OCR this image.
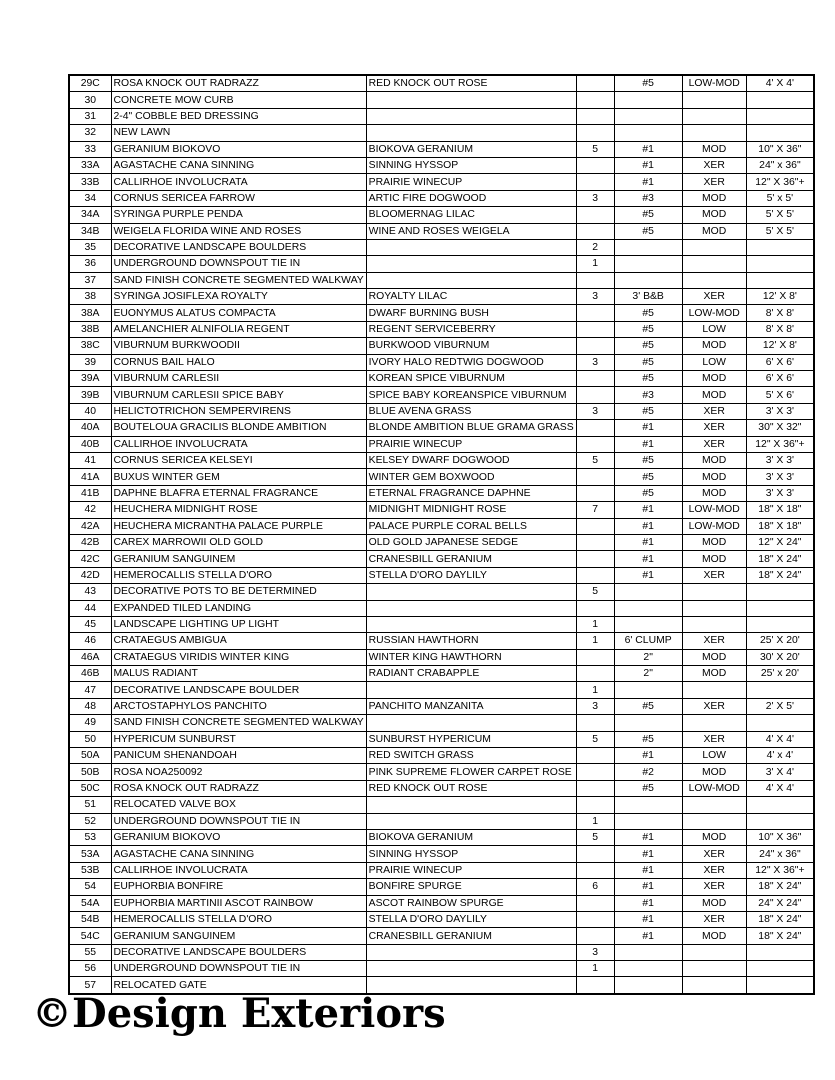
29C	ROSA KNOCK OUT RADRAZZ	RED KNOCK OUT ROSE		#5	LOW-MOD	4' X 4'
30	CONCRETE MOW CURB					
31	2-4" COBBLE BED DRESSING					
32	NEW LAWN					
33	GERANIUM BIOKOVO	BIOKOVA GERANIUM	5	#1	MOD	10" X 36"
33A	AGASTACHE CANA SINNING	SINNING HYSSOP		#1	XER	24" x 36"
33B	CALLIRHOE INVOLUCRATA	PRAIRIE WINECUP		#1	XER	12" X 36"+
34	CORNUS SERICEA FARROW	ARTIC FIRE DOGWOOD	3	#3	MOD	5' x 5'
34A	SYRINGA PURPLE PENDA	BLOOMERNAG LILAC		#5	MOD	5' X 5'
34B	WEIGELA FLORIDA WINE AND ROSES	WINE AND ROSES WEIGELA		#5	MOD	5' X 5'
35	DECORATIVE LANDSCAPE BOULDERS		2			
36	UNDERGROUND DOWNSPOUT TIE IN		1			
37	SAND FINISH CONCRETE SEGMENTED WALKWAY					
38	SYRINGA JOSIFLEXA ROYALTY	ROYALTY LILAC	3	3' B&B	XER	12' X 8'
38A	EUONYMUS ALATUS COMPACTA	DWARF BURNING BUSH		#5	LOW-MOD	8' X 8'
38B	AMELANCHIER ALNIFOLIA REGENT	REGENT SERVICEBERRY		#5	LOW	8' X 8'
38C	VIBURNUM BURKWOODII	BURKWOOD VIBURNUM		#5	MOD	12' X 8'
39	CORNUS BAIL HALO	IVORY HALO REDTWIG DOGWOOD	3	#5	LOW	6' X 6'
39A	VIBURNUM CARLESII	KOREAN SPICE VIBURNUM		#5	MOD	6' X 6'
39B	VIBURNUM CARLESII SPICE BABY	SPICE BABY KOREANSPICE VIBURNUM		#3	MOD	5' X 6'
40	HELICTOTRICHON SEMPERVIRENS	BLUE AVENA GRASS	3	#5	XER	3' X 3'
40A	BOUTELOUA GRACILIS BLONDE AMBITION	BLONDE AMBITION BLUE GRAMA GRASS		#1	XER	30" X 32"
40B	CALLIRHOE INVOLUCRATA	PRAIRIE WINECUP		#1	XER	12" X 36"+
41	CORNUS SERICEA KELSEYI	KELSEY DWARF DOGWOOD	5	#5	MOD	3' X 3'
41A	BUXUS WINTER GEM	WINTER GEM BOXWOOD		#5	MOD	3' X 3'
41B	DAPHNE BLAFRA ETERNAL FRAGRANCE	ETERNAL FRAGRANCE DAPHNE		#5	MOD	3' X 3'
42	HEUCHERA MIDNIGHT ROSE	MIDNIGHT MIDNIGHT ROSE	7	#1	LOW-MOD	18" X 18"
42A	HEUCHERA MICRANTHA PALACE PURPLE	PALACE PURPLE CORAL BELLS		#1	LOW-MOD	18" X 18"
42B	CAREX MARROWII OLD GOLD	OLD GOLD JAPANESE SEDGE		#1	MOD	12" X 24"
42C	GERANIUM SANGUINEM	CRANESBILL GERANIUM		#1	MOD	18" X 24"
42D	HEMEROCALLIS STELLA D'ORO	STELLA D'ORO DAYLILY		#1	XER	18" X 24"
43	DECORATIVE POTS TO BE DETERMINED		5			
44	EXPANDED TILED LANDING					
45	LANDSCAPE LIGHTING UP LIGHT		1			
46	CRATAEGUS AMBIGUA	RUSSIAN HAWTHORN	1	6' CLUMP	XER	25' X 20'
46A	CRATAEGUS VIRIDIS WINTER KING	WINTER KING HAWTHORN		2"	MOD	30' X 20'
46B	MALUS RADIANT	RADIANT CRABAPPLE		2"	MOD	25' x 20'
47	DECORATIVE LANDSCAPE BOULDER		1			
48	ARCTOSTAPHYLOS PANCHITO	PANCHITO MANZANITA	3	#5	XER	2' X 5'
49	SAND FINISH CONCRETE SEGMENTED WALKWAY					
50	HYPERICUM SUNBURST	SUNBURST HYPERICUM	5	#5	XER	4' X 4'
50A	PANICUM SHENANDOAH	RED SWITCH GRASS		#1	LOW	4' x 4'
50B	ROSA NOA250092	PINK SUPREME FLOWER CARPET ROSE		#2	MOD	3' X 4'
50C	ROSA KNOCK OUT RADRAZZ	RED KNOCK OUT ROSE		#5	LOW-MOD	4' X 4'
51	RELOCATED VALVE BOX					
52	UNDERGROUND DOWNSPOUT TIE IN		1			
53	GERANIUM BIOKOVO	BIOKOVA GERANIUM	5	#1	MOD	10" X 36"
53A	AGASTACHE CANA SINNING	SINNING HYSSOP		#1	XER	24" x 36"
53B	CALLIRHOE INVOLUCRATA	PRAIRIE WINECUP		#1	XER	12" X 36"+
54	EUPHORBIA BONFIRE	BONFIRE SPURGE	6	#1	XER	18" X 24"
54A	EUPHORBIA MARTINII ASCOT RAINBOW	ASCOT RAINBOW SPURGE		#1	MOD	24" X 24"
54B	HEMEROCALLIS STELLA D'ORO	STELLA D'ORO DAYLILY		#1	XER	18" X 24"
54C	GERANIUM SANGUINEM	CRANESBILL GERANIUM		#1	MOD	18" X 24"
55	DECORATIVE LANDSCAPE BOULDERS		3			
56	UNDERGROUND DOWNSPOUT TIE IN		1			
57	RELOCATED GATE					
©Design Exteriors
